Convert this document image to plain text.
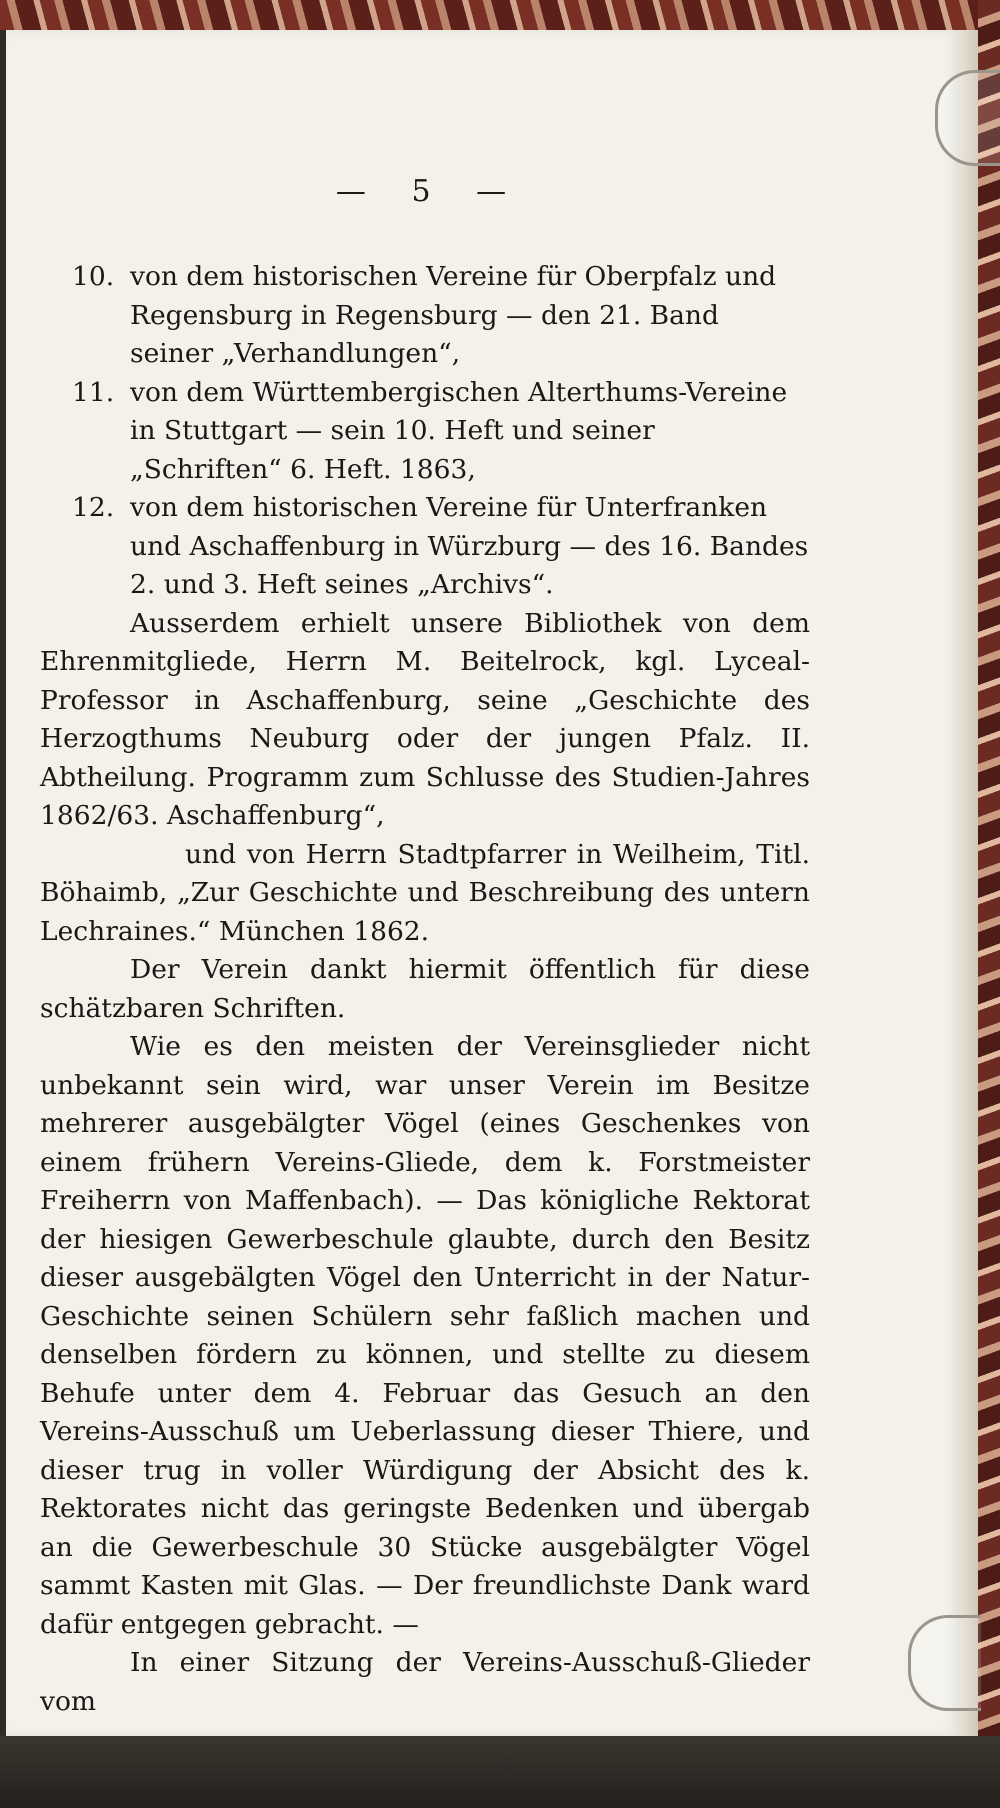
— 5 —

10. von dem historischen Vereine für Oberpfalz und Regensburg in Regensburg — den 21. Band seiner „Verhandlungen“,

11. von dem Württembergischen Alterthums-Vereine in Stuttgart — sein 10. Heft und seiner „Schriften“ 6. Heft. 1863,

12. von dem historischen Vereine für Unterfranken und Aschaffenburg in Würzburg — des 16. Bandes 2. und 3. Heft seines „Archivs“.

Ausserdem erhielt unsere Bibliothek von dem Ehrenmitgliede, Herrn M. Beitelrock, kgl. Lyceal-Professor in Aschaffenburg, seine „Geschichte des Herzogthums Neuburg oder der jungen Pfalz. II. Abtheilung. Programm zum Schlusse des Studien-Jahres 1862/63. Aschaffenburg“,

und von Herrn Stadtpfarrer in Weilheim, Titl. Böhaimb, „Zur Geschichte und Beschreibung des untern Lechraines.“ München 1862.

Der Verein dankt hiermit öffentlich für diese schätzbaren Schriften.

Wie es den meisten der Vereinsglieder nicht unbekannt sein wird, war unser Verein im Besitze mehrerer ausgebälgter Vögel (eines Geschenkes von einem frühern Vereins-Gliede, dem k. Forstmeister Freiherrn von Maffenbach). — Das königliche Rektorat der hiesigen Gewerbeschule glaubte, durch den Besitz dieser ausgebälgten Vögel den Unterricht in der Natur-Geschichte seinen Schülern sehr faßlich machen und denselben fördern zu können, und stellte zu diesem Behufe unter dem 4. Februar das Gesuch an den Vereins-Ausschuß um Ueberlassung dieser Thiere, und dieser trug in voller Würdigung der Absicht des k. Rektorates nicht das geringste Bedenken und übergab an die Gewerbeschule 30 Stücke ausgebälgter Vögel sammt Kasten mit Glas. — Der freundlichste Dank ward dafür entgegen gebracht. —

In einer Sitzung der Vereins-Ausschuß-Glieder vom
